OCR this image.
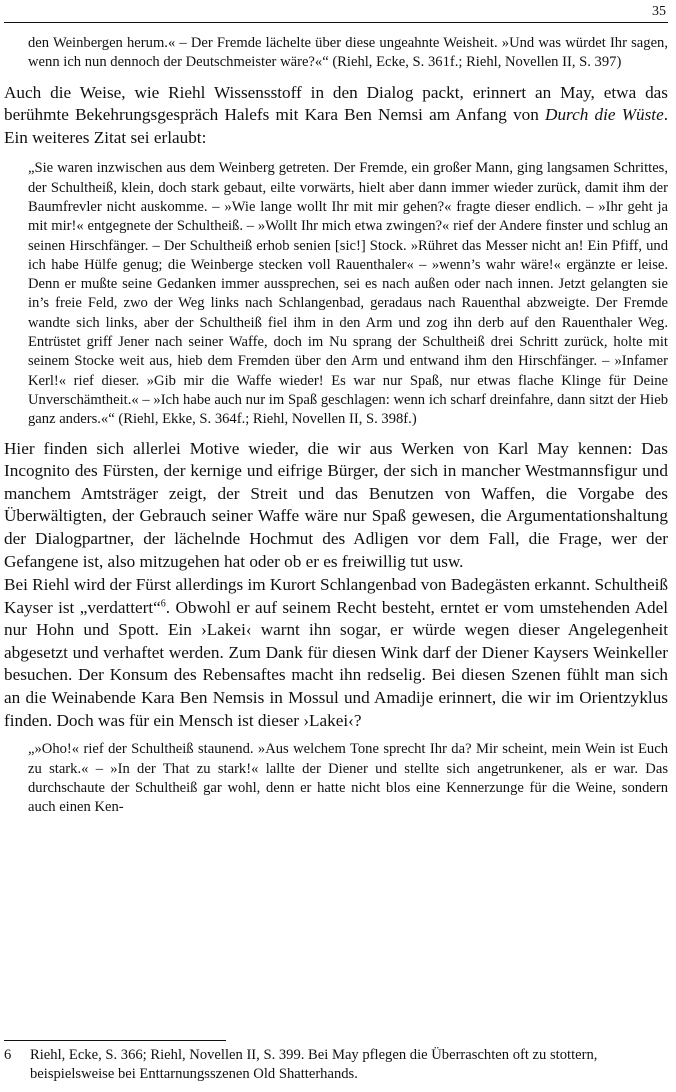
35

den Weinbergen herum.« – Der Fremde lächelte über diese ungeahnte Weisheit. »Und was würdet Ihr sagen, wenn ich nun dennoch der Deutschmeister wäre?«“ (Riehl, Ecke, S. 361f.; Riehl, Novellen II, S. 397)

Auch die Weise, wie Riehl Wissensstoff in den Dialog packt, erinnert an May, etwa das berühmte Bekehrungsgespräch Halefs mit Kara Ben Nemsi am Anfang von Durch die Wüste. Ein weiteres Zitat sei erlaubt:

„Sie waren inzwischen aus dem Weinberg getreten. Der Fremde, ein großer Mann, ging langsamen Schrittes, der Schultheiß, klein, doch stark gebaut, eilte vorwärts, hielt aber dann immer wieder zurück, damit ihm der Baumfrevler nicht auskomme. – »Wie lange wollt Ihr mit mir gehen?« fragte dieser endlich. – »Ihr geht ja mit mir!« entgegnete der Schultheiß. – »Wollt Ihr mich etwa zwingen?« rief der Andere finster und schlug an seinen Hirschfänger. – Der Schultheiß erhob senien [sic!] Stock. »Rühret das Messer nicht an! Ein Pfiff, und ich habe Hülfe genug; die Weinberge stecken voll Rauenthaler« – »wenn’s wahr wäre!« ergänzte er leise. Denn er mußte seine Gedanken immer aussprechen, sei es nach außen oder nach innen. Jetzt gelangten sie in’s freie Feld, zwo der Weg links nach Schlangenbad, geradaus nach Rauenthal abzweigte. Der Fremde wandte sich links, aber der Schultheiß fiel ihm in den Arm und zog ihn derb auf den Rauenthaler Weg. Entrüstet griff Jener nach seiner Waffe, doch im Nu sprang der Schultheiß drei Schritt zurück, holte mit seinem Stocke weit aus, hieb dem Fremden über den Arm und entwand ihm den Hirschfänger. – »Infamer Kerl!« rief dieser. »Gib mir die Waffe wieder! Es war nur Spaß, nur etwas flache Klinge für Deine Unverschämtheit.« – »Ich habe auch nur im Spaß geschlagen: wenn ich scharf dreinfahre, dann sitzt der Hieb ganz anders.«“ (Riehl, Ekke, S. 364f.; Riehl, Novellen II, S. 398f.)

Hier finden sich allerlei Motive wieder, die wir aus Werken von Karl May kennen: Das Incognito des Fürsten, der kernige und eifrige Bürger, der sich in mancher Westmannsfigur und manchem Amtsträger zeigt, der Streit und das Benutzen von Waffen, die Vorgabe des Überwältigten, der Gebrauch seiner Waffe wäre nur Spaß gewesen, die Argumentationshaltung der Dialogpartner, der lächelnde Hochmut des Adligen vor dem Fall, die Frage, wer der Gefangene ist, also mitzugehen hat oder ob er es freiwillig tut usw.

Bei Riehl wird der Fürst allerdings im Kurort Schlangenbad von Badegästen erkannt. Schultheiß Kayser ist „verdattert“$^6$. Obwohl er auf seinem Recht besteht, erntet er vom umstehenden Adel nur Hohn und Spott. Ein ›Lakei‹ warnt ihn sogar, er würde wegen dieser Angelegenheit abgesetzt und verhaftet werden. Zum Dank für diesen Wink darf der Diener Kaysers Weinkeller besuchen. Der Konsum des Rebensaftes macht ihn redselig. Bei diesen Szenen fühlt man sich an die Weinabende Kara Ben Nemsis in Mossul und Amadije erinnert, die wir im Orientzyklus finden. Doch was für ein Mensch ist dieser ›Lakei‹?

„»Oho!« rief der Schultheiß staunend. »Aus welchem Tone sprecht Ihr da? Mir scheint, mein Wein ist Euch zu stark.« – »In der That zu stark!« lallte der Diener und stellte sich angetrunkener, als er war. Das durchschaute der Schultheiß gar wohl, denn er hatte nicht blos eine Kennerzunge für die Weine, sondern auch einen Ken-

6	Riehl, Ecke, S. 366; Riehl, Novellen II, S. 399. Bei May pflegen die Überraschten oft zu stottern, beispielsweise bei Enttarnungsszenen Old Shatterhands.
